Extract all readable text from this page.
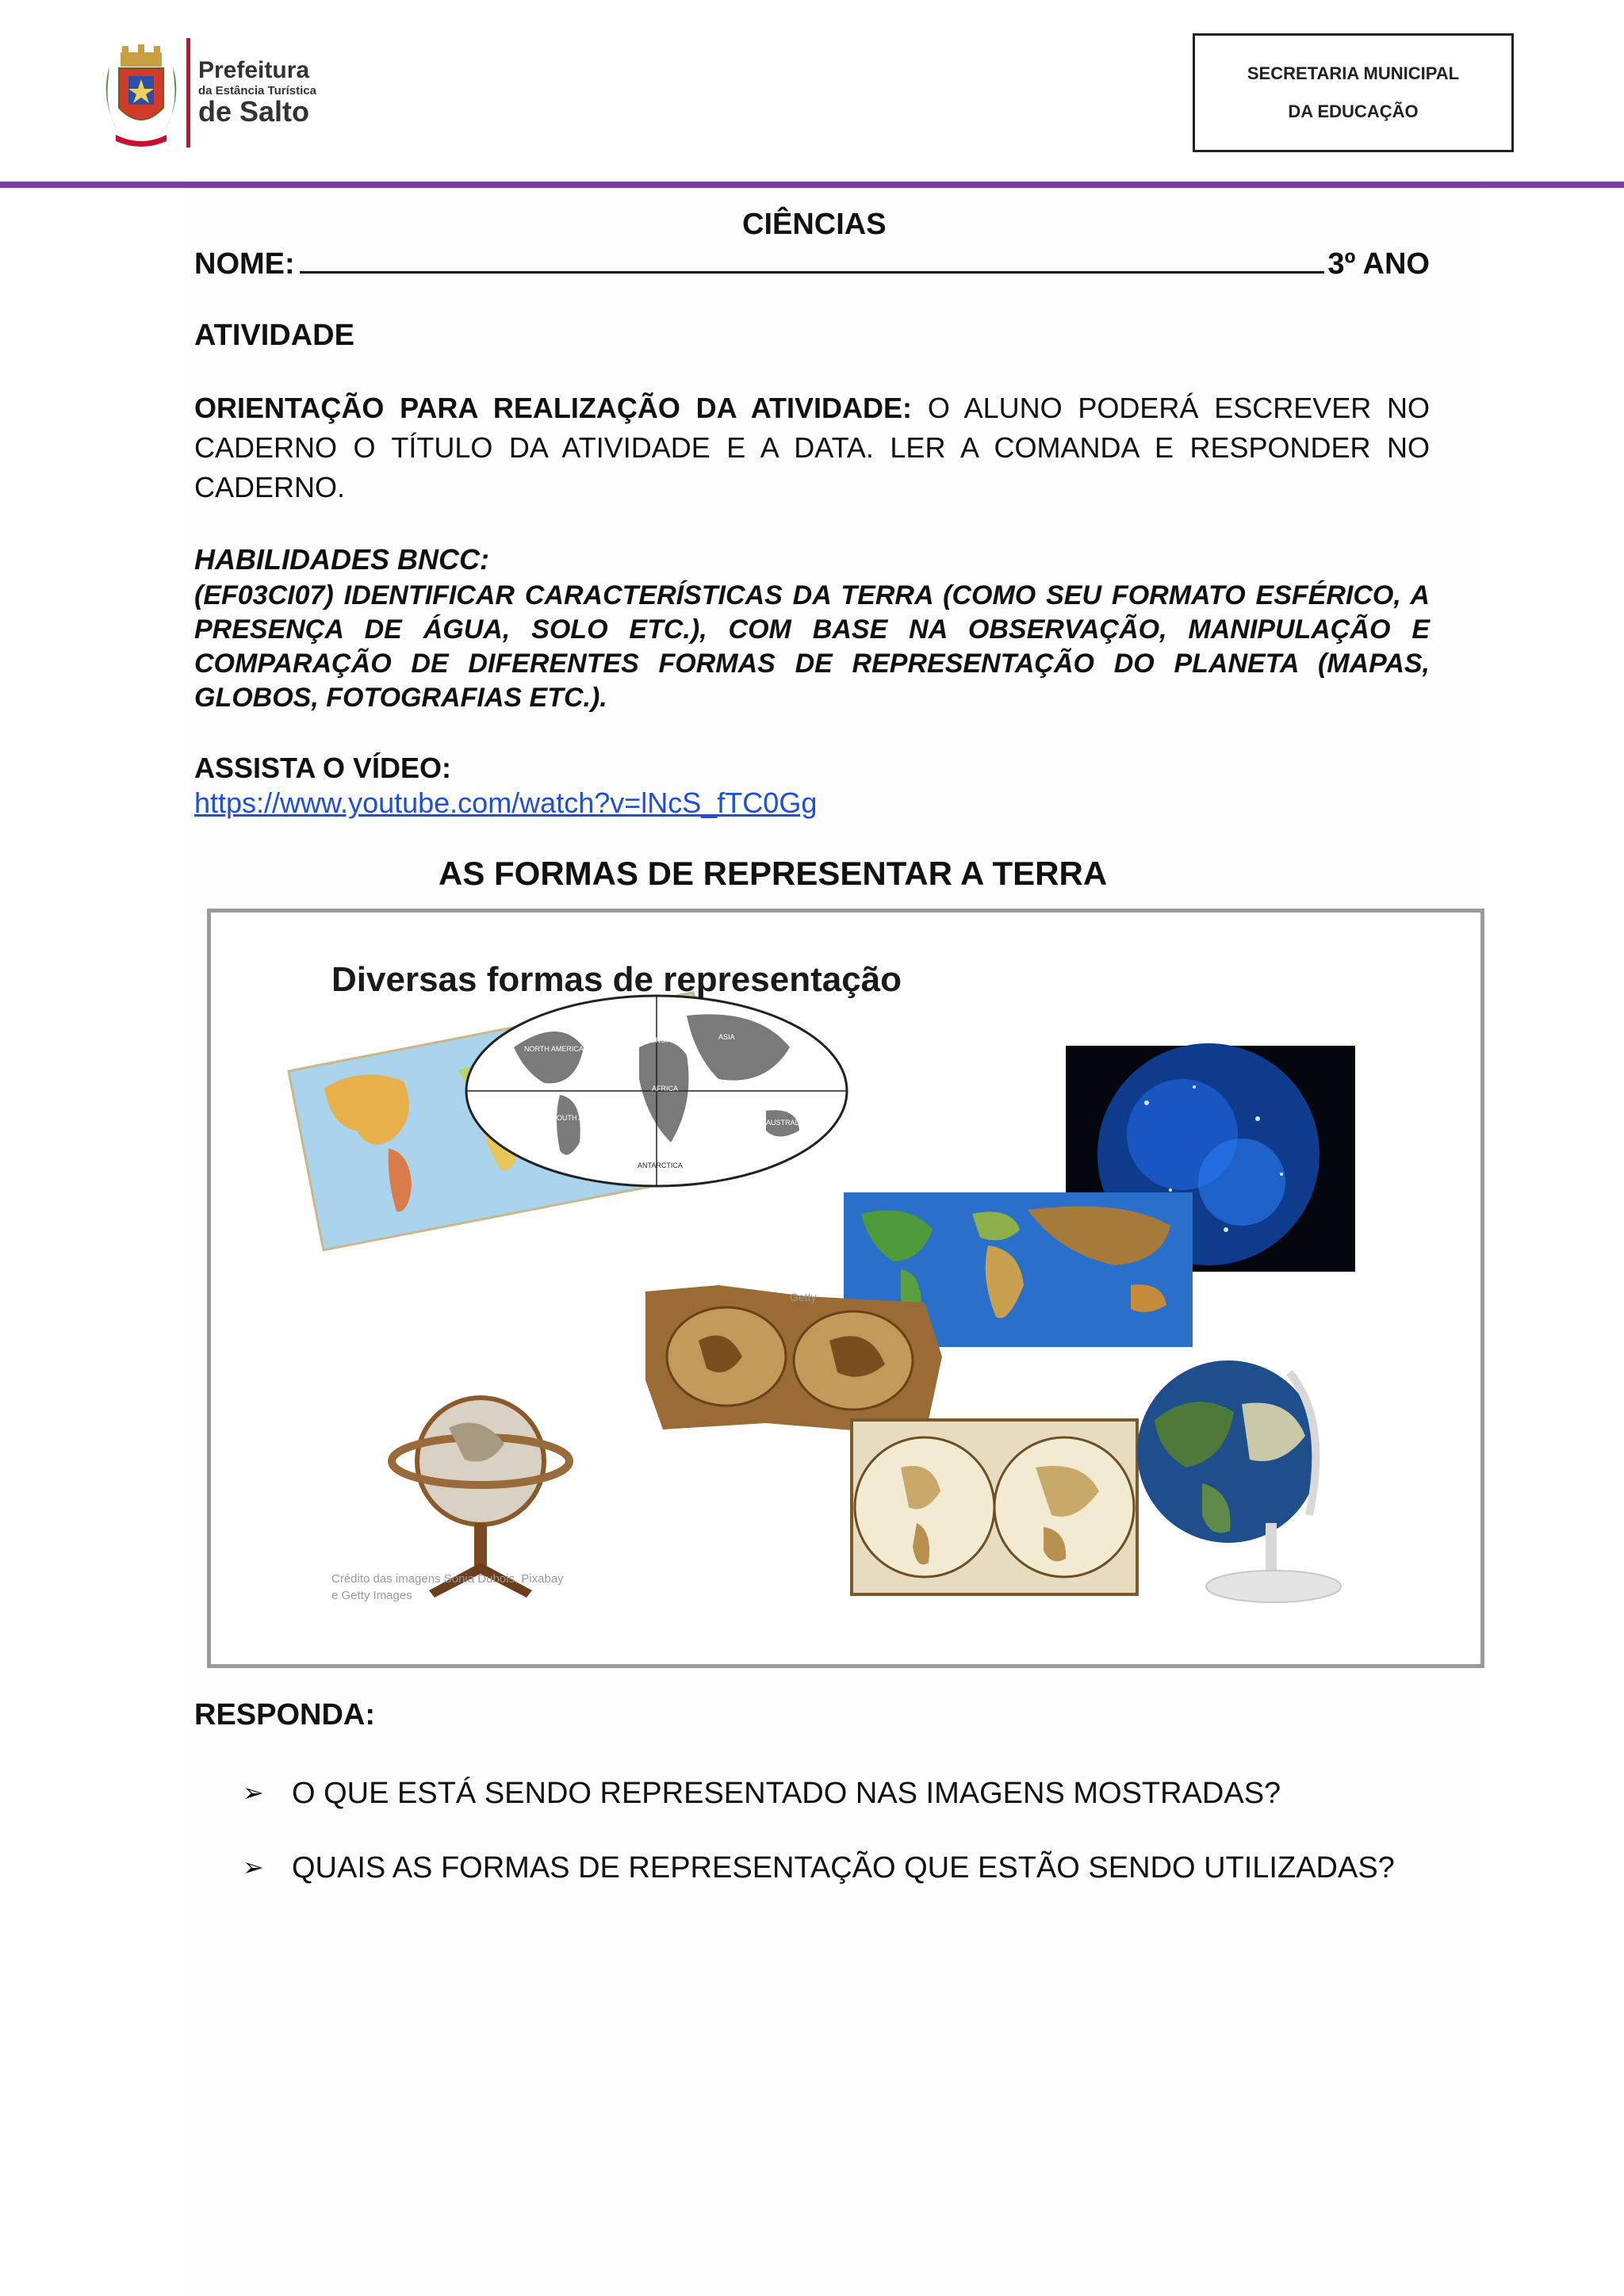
Prefeitura
da Estância Turística
de Salto
SECRETARIA MUNICIPAL
DA EDUCAÇÃO
CIÊNCIAS
NOME:	3º ANO
ATIVIDADE
ORIENTAÇÃO PARA REALIZAÇÃO DA ATIVIDADE: O ALUNO PODERÁ ESCREVER NO CADERNO O TÍTULO DA ATIVIDADE E A DATA. LER A COMANDA E RESPONDER NO CADERNO.
HABILIDADES BNCC:
(EF03CI07) IDENTIFICAR CARACTERÍSTICAS DA TERRA (COMO SEU FORMATO ESFÉRICO, A PRESENÇA DE ÁGUA, SOLO ETC.), COM BASE NA OBSERVAÇÃO, MANIPULAÇÃO E COMPARAÇÃO DE DIFERENTES FORMAS DE REPRESENTAÇÃO DO PLANETA (MAPAS,
GLOBOS, FOTOGRAFIAS ETC.).
ASSISTA O VÍDEO:
https://www.youtube.com/watch?v=lNcS_fTC0Gg
AS FORMAS DE REPRESENTAR A TERRA
NORTH AMERICA
EUROPE	ASIA
AFRICA
SOUTH AMERICA
AUSTRALIA
ANTARCTICA
Getty
Crédito das imagens Sonia Dubois, Pixabay
e Getty Images
Diversas formas de representação
RESPONDA:
➢ O QUE ESTÁ SENDO REPRESENTADO NAS IMAGENS MOSTRADAS?
➢ QUAIS AS FORMAS DE REPRESENTAÇÃO QUE ESTÃO SENDO UTILIZADAS?
